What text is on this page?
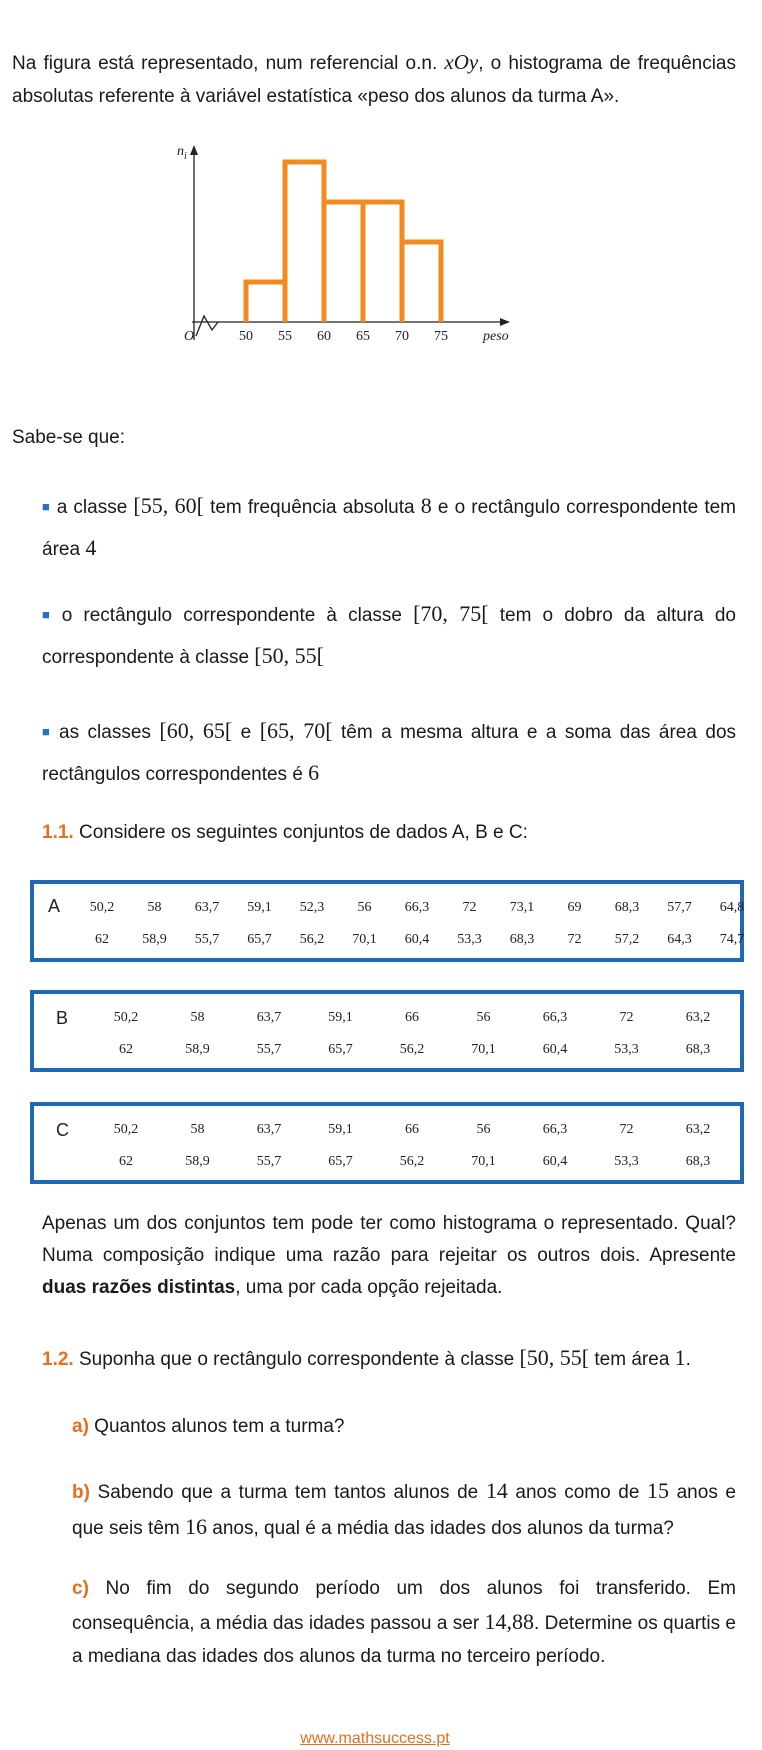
Na figura está representado, num referencial o.n. xOy, o histograma de frequências absolutas referente à variável estatística «peso dos alunos da turma A».

50 55 60 65 70 75
O	peso
$n_i$

Sabe-se que:

■ a classe [55, 60[ tem frequência absoluta 8 e o rectângulo correspondente tem área 4

■ o rectângulo correspondente à classe [70, 75[ tem o dobro da altura do correspondente à classe [50, 55[

■ as classes [60, 65[ e [65, 70[ têm a mesma altura e a soma das área dos rectângulos correspondentes é 6

1.1. Considere os seguintes conjuntos de dados A, B e C:

A	50,2	58	63,7	59,1	52,3	56	66,3	72	73,1	69	68,3	57,7	64,8
62	58,9	55,7	65,7	56,2	70,1	60,4	53,3	68,3	72	57,2	64,3	74,7
B	50,2	58	63,7	59,1	66	56	66,3	72	63,2
62	58,9	55,7	65,7	56,2	70,1	60,4	53,3	68,3
C	50,2	58	63,7	59,1	66	56	66,3	72	63,2
62	58,9	55,7	65,7	56,2	70,1	60,4	53,3	68,3

Apenas um dos conjuntos tem pode ter como histograma o representado. Qual? Numa composição indique uma razão para rejeitar os outros dois. Apresente duas razões distintas, uma por cada opção rejeitada.

1.2. Suponha que o rectângulo correspondente à classe [50, 55[ tem área 1.

a) Quantos alunos tem a turma?

b) Sabendo que a turma tem tantos alunos de 14 anos como de 15 anos e que seis têm 16 anos, qual é a média das idades dos alunos da turma?

c) No fim do segundo período um dos alunos foi transferido. Em consequência, a média das idades passou a ser 14,88. Determine os quartis e a mediana das idades dos alunos da turma no terceiro período.

www.mathsuccess.pt
